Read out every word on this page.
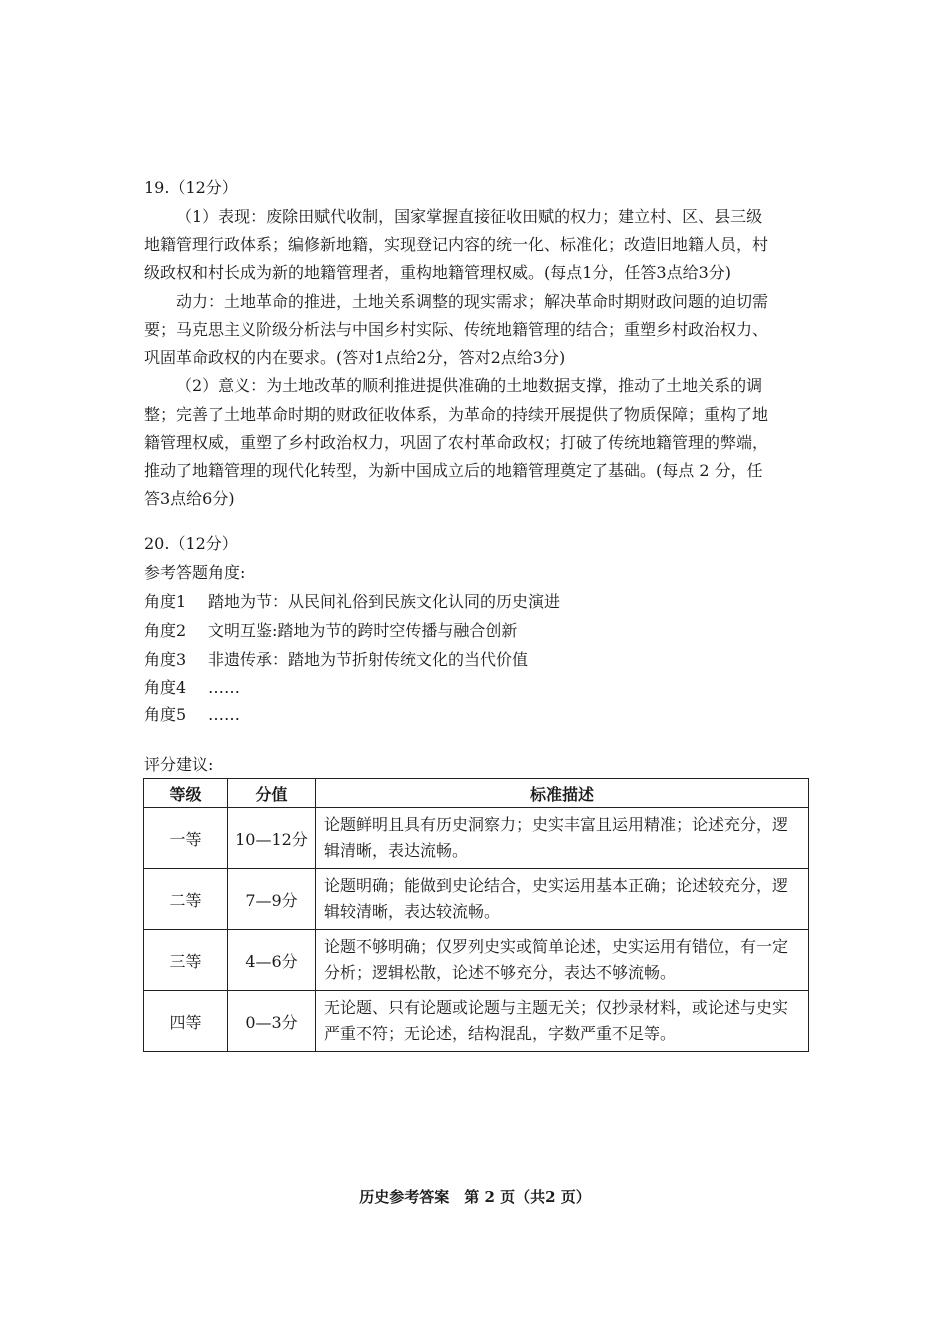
19.（12分）
（1）表现：废除田赋代收制，国家掌握直接征收田赋的权力；建立村、区、县三级
地籍管理行政体系；编修新地籍，实现登记内容的统一化、标准化；改造旧地籍人员，村
级政权和村长成为新的地籍管理者，重构地籍管理权威。(每点1分，任答3点给3分)
动力：土地革命的推进，土地关系调整的现实需求；解决革命时期财政问题的迫切需
要；马克思主义阶级分析法与中国乡村实际、传统地籍管理的结合；重塑乡村政治权力、
巩固革命政权的内在要求。(答对1点给2分，答对2点给3分)
（2）意义：为土地改革的顺利推进提供准确的土地数据支撑，推动了土地关系的调
整；完善了土地革命时期的财政征收体系，为革命的持续开展提供了物质保障；重构了地
籍管理权威，重塑了乡村政治权力，巩固了农村革命政权；打破了传统地籍管理的弊端，
推动了地籍管理的现代化转型，为新中国成立后的地籍管理奠定了基础。(每点 2 分，任
答3点给6分)
20.（12分）
参考答题角度:
角度1 踏地为节：从民间礼俗到民族文化认同的历史演进
角度2 文明互鉴:踏地为节的跨时空传播与融合创新
角度3 非遗传承：踏地为节折射传统文化的当代价值
角度4 ……
角度5 ……
评分建议:
等级	分值	标准描述
一等	10—12分	论题鲜明且具有历史洞察力；史实丰富且运用精准；论述充分，逻辑清晰，表达流畅。
二等	7—9分	论题明确；能做到史论结合，史实运用基本正确；论述较充分，逻辑较清晰，表达较流畅。
三等	4—6分	论题不够明确；仅罗列史实或简单论述，史实运用有错位，有一定分析；逻辑松散，论述不够充分，表达不够流畅。
四等	0—3分	无论题、只有论题或论题与主题无关；仅抄录材料，或论述与史实严重不符；无论述，结构混乱，字数严重不足等。
历史参考答案　第 2 页（共2 页）
